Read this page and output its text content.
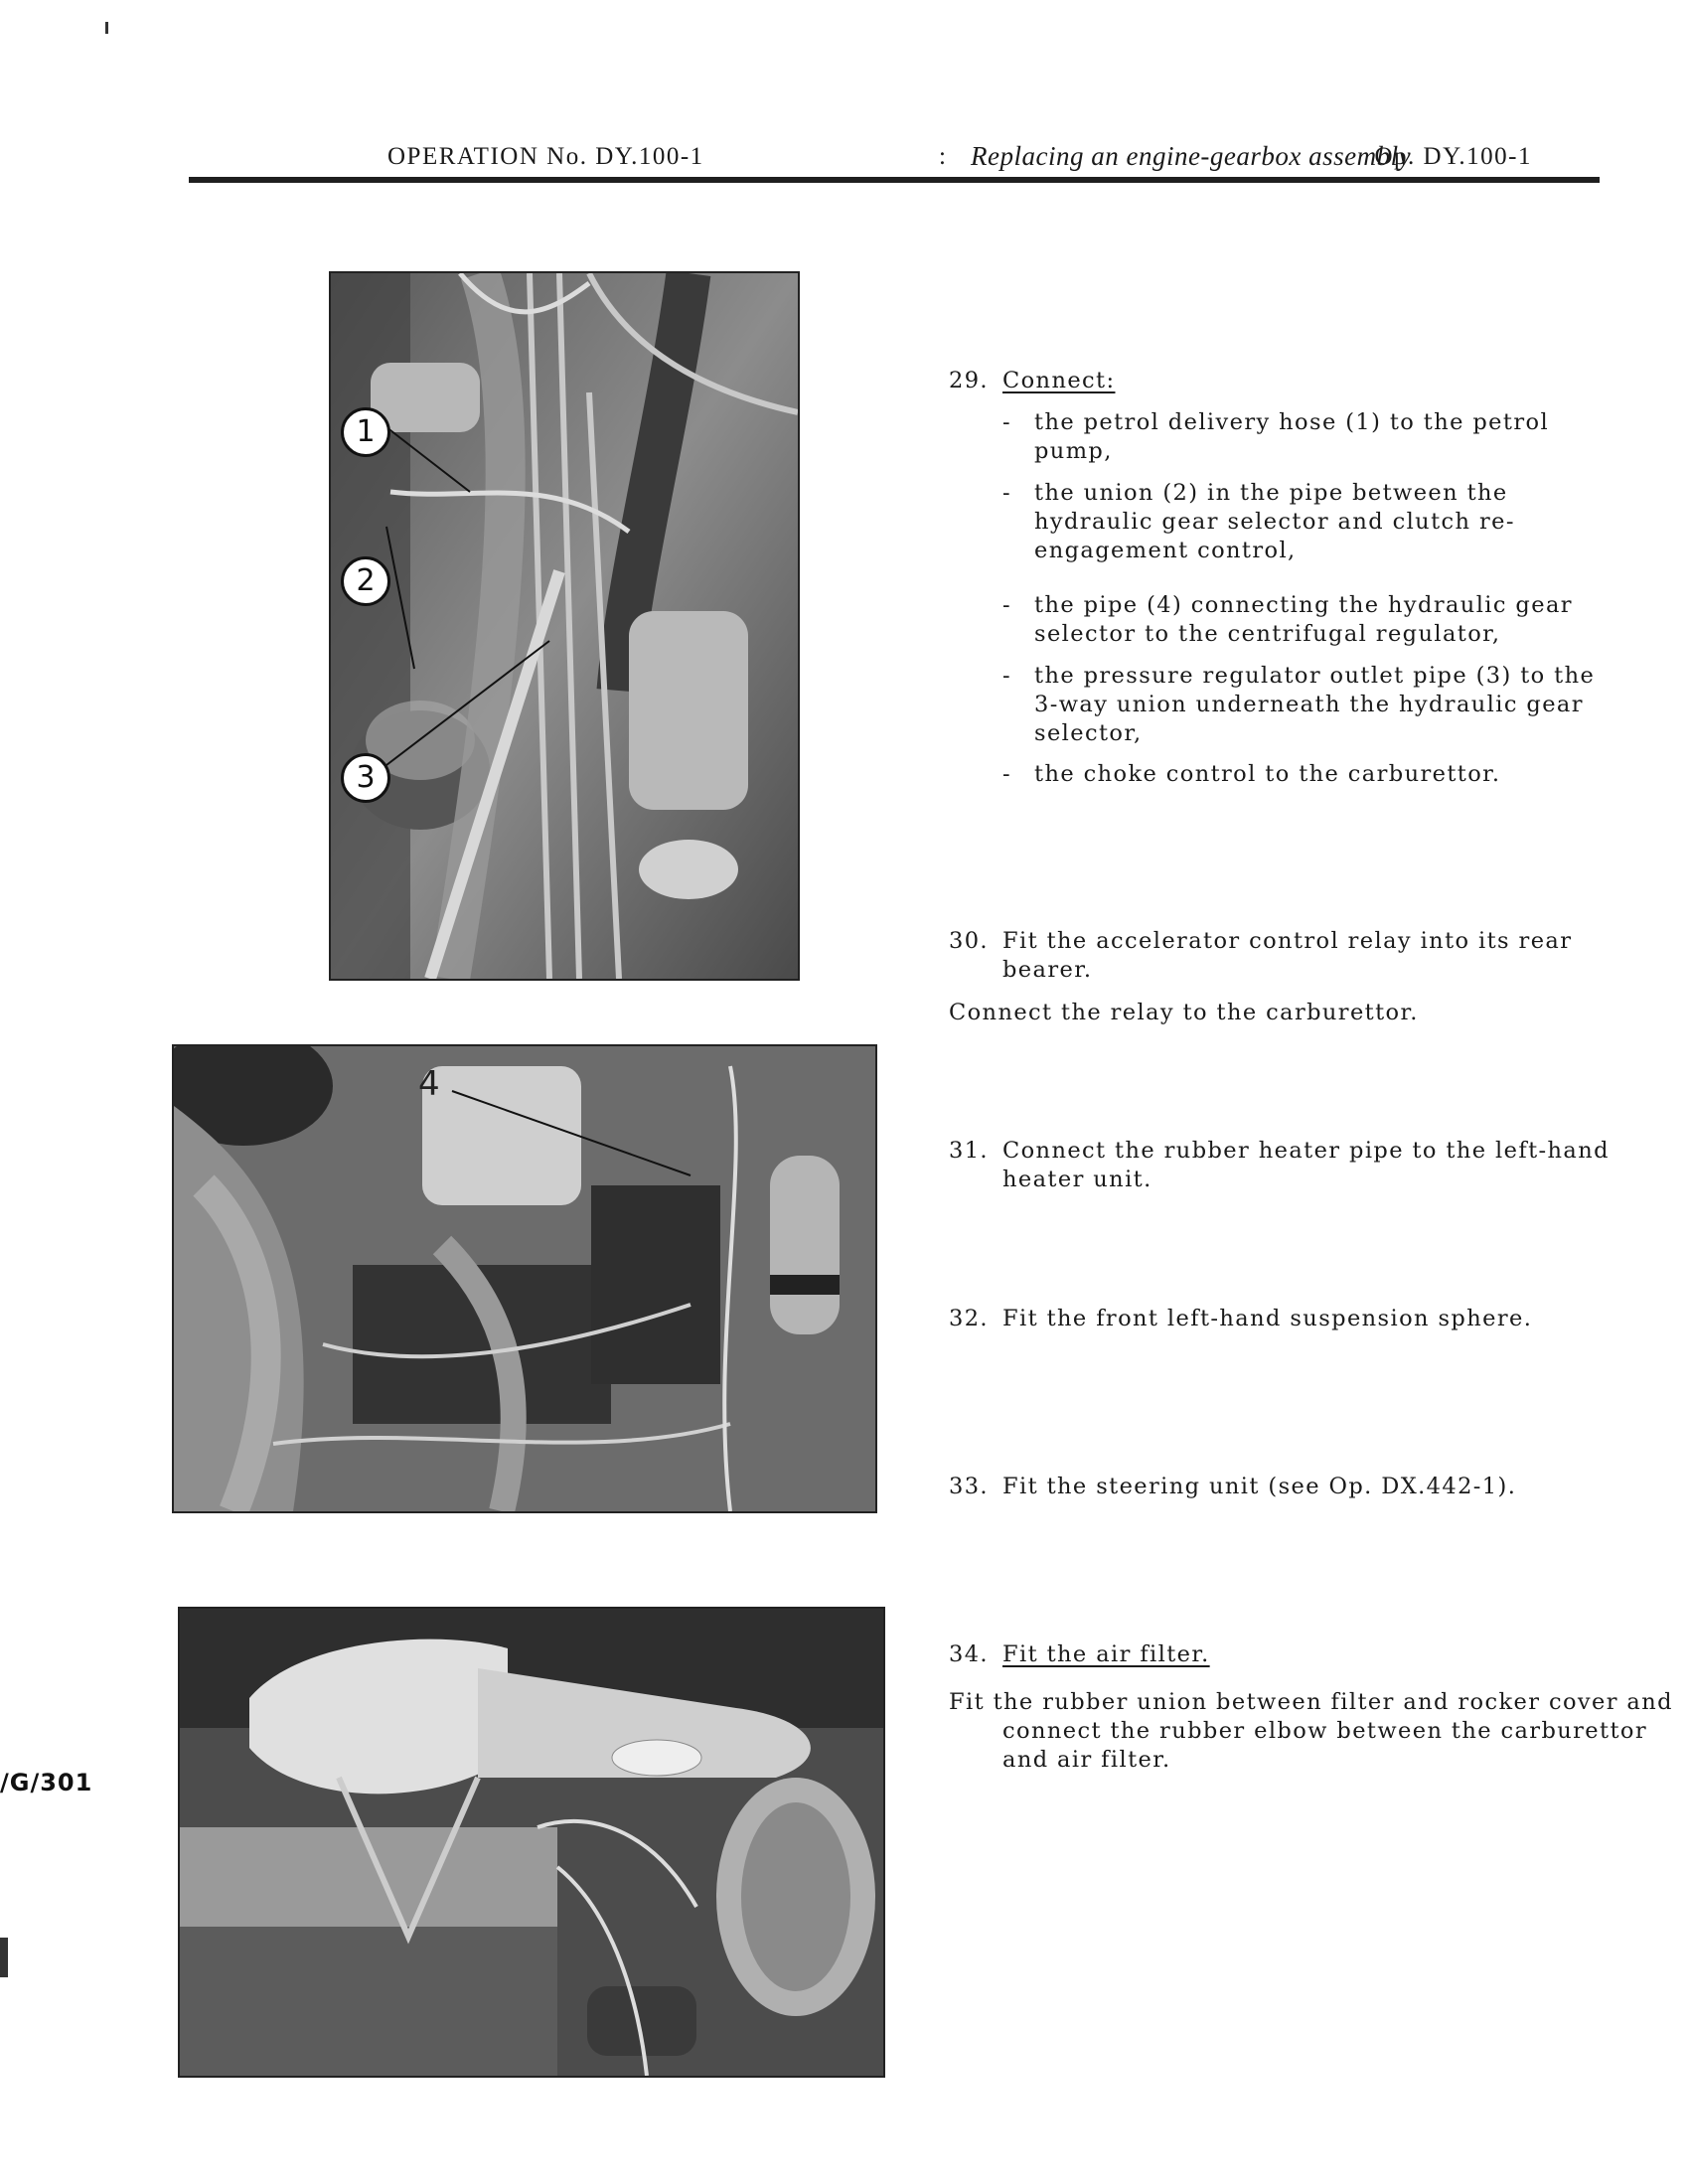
OPERATION No. DY.100-1	: Replacing an engine-gearbox assembly
Op. DY.100-1
1
2
3
4
29. Connect:
- the petrol delivery hose (1) to the petrol pump,
- the union (2) in the pipe between the hydraulic gear selector and clutch re-engagement control,
- the pipe (4) connecting the hydraulic gear selector to the centrifugal regulator,
- the pressure regulator outlet pipe (3) to the 3-way union underneath the hydraulic gear selector,
- the choke control to the carburettor.
30. Fit the accelerator control relay into its rear bearer.
Connect the relay to the carburettor.
31. Connect the rubber heater pipe to the left-hand heater unit.
32. Fit the front left-hand suspension sphere.
33. Fit the steering unit (see Op. DX.442-1).
34. Fit the air filter.
Fit the rubber union between filter and rocker cover and connect the rubber elbow between the carburettor and air filter.
/G/301
